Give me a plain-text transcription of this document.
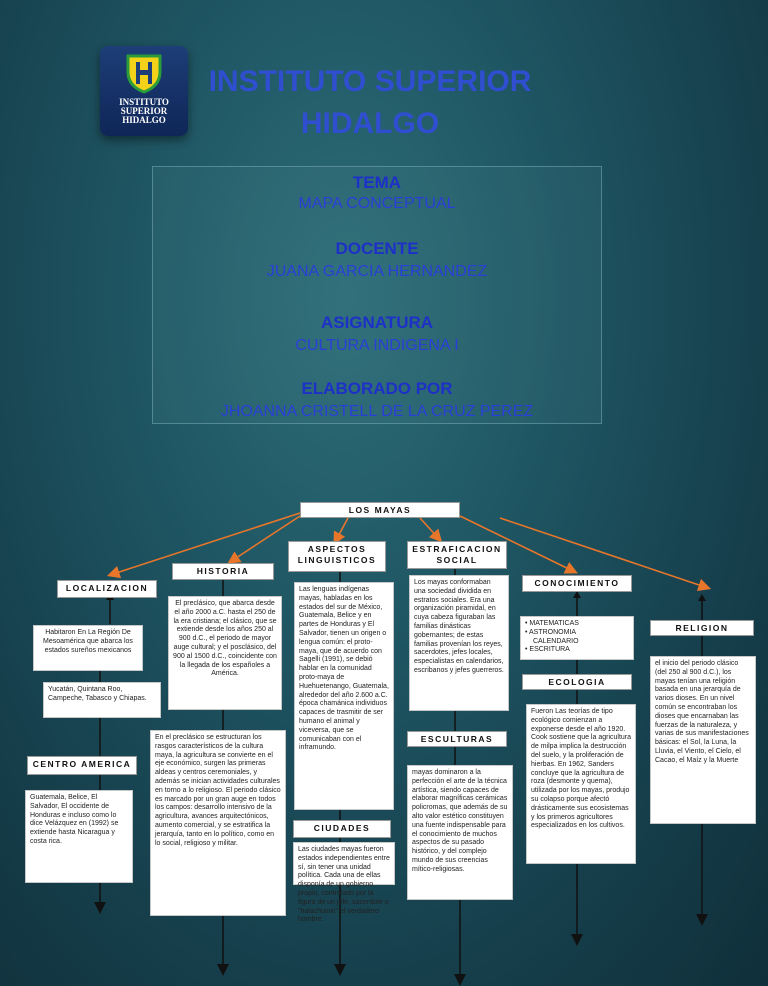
INSTITUTO
SUPERIOR
HIDALGO
INSTITUTO SUPERIOR
HIDALGO
TEMA
MAPA CONCEPTUAL
DOCENTE
JUANA GARCIA HERNANDEZ
ASIGNATURA
CULTURA INDIGENA I
ELABORADO POR
JHOANNA CRISTELL DE LA CRUZ PEREZ
LOS MAYAS
LOCALIZACION
Habitaron En La Región De Mesoamérica que abarca los estados sureños mexicanos
Yucatán, Quintana Roo, Campeche, Tabasco y Chiapas.
CENTRO AMERICA
Guatemala, Belice, El Salvador, El occidente de Honduras e incluso como lo dice Velázquez en (1992) se extiende hasta Nicaragua y costa rica.
HISTORIA
El preclásico, que abarca desde el año 2000 a.C. hasta el 250 de la era cristiana; el clásico, que se extiende desde los años 250 al 900 d.C., el periodo de mayor auge cultural; y el posclásico, del 900 al 1500 d.C., coincidente con la llegada de los españoles a América.
En el preclásico se estructuran los rasgos característicos de la cultura maya, la agricultura se convierte en el eje económico, surgen las primeras aldeas y centros ceremoniales, y además se inician actividades culturales en torno a lo religioso. El periodo clásico es marcado por un gran auge en todos los campos: desarrollo intensivo de la agricultura, avances arquitectónicos, aumento comercial, y se estratifica la jerarquía, tanto en lo político, como en lo social, religioso y militar.
ASPECTOS LINGUISTICOS
Las lenguas indígenas mayas, habladas en los estados del sur de México, Guatemala, Belice y en partes de Honduras y El Salvador, tienen un origen o lengua común: el proto-maya, que de acuerdo con Sagelli (1991), se debió hablar en la comunidad proto-maya de Huehuetenango, Guatemala, alrededor del año 2.600 a.C. época chamánica individuos capaces de trasmitir de ser humano el animal y viceversa, que se comunicaban con el inframundo.
CIUDADES
Las ciudades mayas fueron estados independientes entre sí, sin tener una unidad política. Cada una de ellas disponía de un gobierno propio, controlado por la figura de un jefe, sacerdote o "halachuinic" el verdadero hombre.
ESTRAFICACION SOCIAL
Los mayas conformaban una sociedad dividida en estratos sociales. Era una organización piramidal, en cuya cabeza figuraban las familias dinásticas gobernantes; de estas familias provenían los reyes, sacerdotes, jefes locales, especialistas en calendarios, escribanos y jefes guerreros.
ESCULTURAS
mayas dominaron a la perfección el arte de la técnica artística, siendo capaces de elaborar magníficas cerámicas policromas, que además de su alto valor estético constituyen una fuente indispensable para el conocimiento de muchos aspectos de su pasado histórico, y del complejo mundo de sus creencias mítico-religiosas.
CONOCIMIENTO
• MATEMATICAS
• ASTRONOMIA
CALENDARIO
• ESCRITURA
ECOLOGIA
Fueron Las teorías de tipo ecológico comienzan a exponerse desde el año 1920. Cook sostiene que la agricultura de milpa implica la destrucción del suelo, y la proliferación de hierbas. En 1962, Sanders concluye que la agricultura de roza (desmonte y quema), utilizada por los mayas, produjo su colapso porque afectó drásticamente sus ecosistemas y los primeros agricultores especializados en los cultivos.
RELIGION
el inicio del periodo clásico (del 250 al 900 d.C.), los mayas tenían una religión basada en una jerarquía de varios dioses. En un nivel común se encontraban los dioses que encarnaban las fuerzas de la naturaleza, y varias de sus manifestaciones básicas: el Sol, la Luna, la Lluvia, el Viento, el Cielo, el Cacao, el Maíz y la Muerte
